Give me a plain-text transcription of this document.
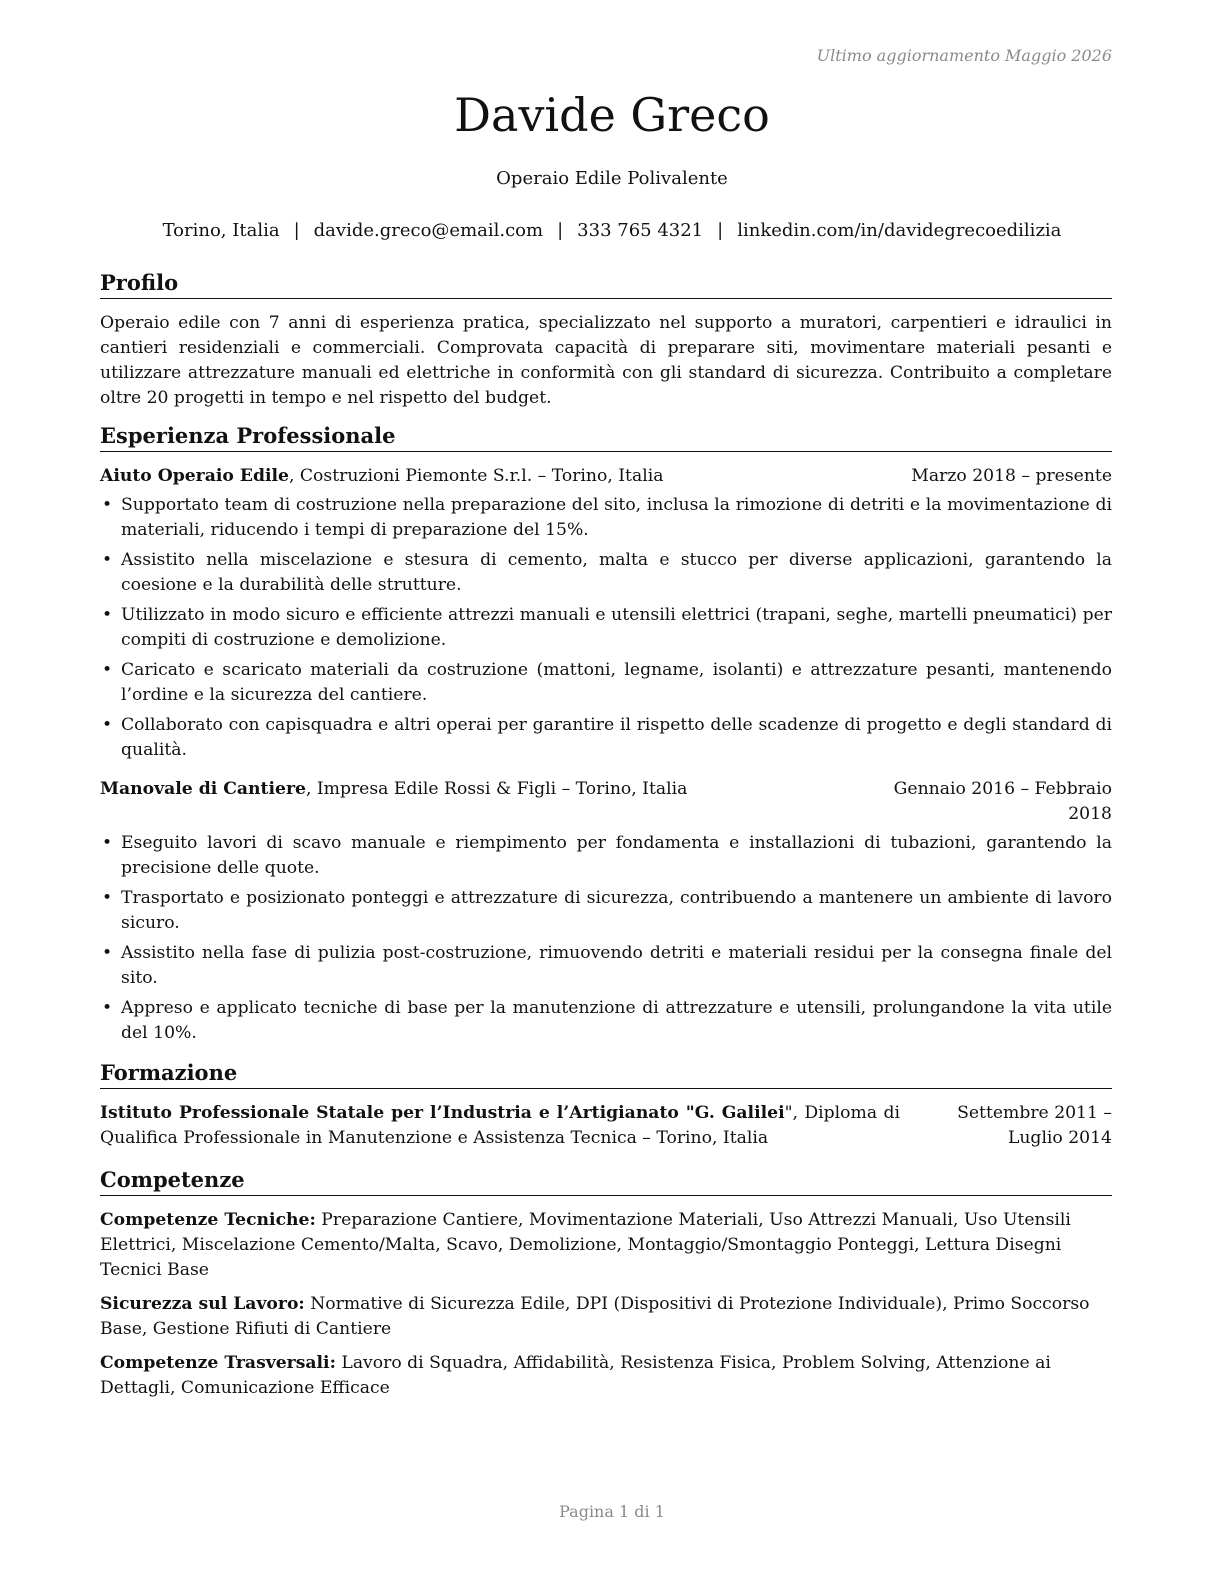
Ultimo aggiornamento Maggio 2026
Davide Greco
Operaio Edile Polivalente
Torino, Italia | davide.greco@email.com | 333 765 4321 | linkedin.com/in/davidegrecoedilizia
Profilo
Operaio edile con 7 anni di esperienza pratica, specializzato nel supporto a muratori, carpentieri e idraulici in cantieri residenziali e commerciali. Comprovata capacità di preparare siti, movimentare materiali pesanti e utilizzare attrezzature manuali ed elettriche in conformità con gli standard di sicurezza. Contribuito a completare oltre 20 progetti in tempo e nel rispetto del budget.
Esperienza Professionale
Aiuto Operaio Edile, Costruzioni Piemonte S.r.l. – Torino, Italia	Marzo 2018 – presente
• Supportato team di costruzione nella preparazione del sito, inclusa la rimozione di detriti e la movimentazione di materiali, riducendo i tempi di preparazione del 15%.
• Assistito nella miscelazione e stesura di cemento, malta e stucco per diverse applicazioni, garantendo la coesione e la durabilità delle strutture.
• Utilizzato in modo sicuro e efficiente attrezzi manuali e utensili elettrici (trapani, seghe, martelli pneumatici) per compiti di costruzione e demolizione.
• Caricato e scaricato materiali da costruzione (mattoni, legname, isolanti) e attrezzature pesanti, mantenendo l’ordine e la sicurezza del cantiere.
• Collaborato con capisquadra e altri operai per garantire il rispetto delle scadenze di progetto e degli standard di qualità.
Manovale di Cantiere, Impresa Edile Rossi & Figli – Torino, Italia	Gennaio 2016 – Febbraio 2018
• Eseguito lavori di scavo manuale e riempimento per fondamenta e installazioni di tubazioni, garantendo la precisione delle quote.
• Trasportato e posizionato ponteggi e attrezzature di sicurezza, contribuendo a mantenere un ambiente di lavoro sicuro.
• Assistito nella fase di pulizia post-costruzione, rimuovendo detriti e materiali residui per la consegna finale del sito.
• Appreso e applicato tecniche di base per la manutenzione di attrezzature e utensili, prolungandone la vita utile del 10%.
Formazione
Istituto Professionale Statale per l’Industria e l’Artigianato "G. Galilei", Diploma di Qualifica Professionale in Manutenzione e Assistenza Tecnica – Torino, Italia
Settembre 2011 – Luglio 2014
Competenze
Competenze Tecniche: Preparazione Cantiere, Movimentazione Materiali, Uso Attrezzi Manuali, Uso Utensili Elettrici, Miscelazione Cemento/Malta, Scavo, Demolizione, Montaggio/Smontaggio Ponteggi, Lettura Disegni Tecnici Base
Sicurezza sul Lavoro: Normative di Sicurezza Edile, DPI (Dispositivi di Protezione Individuale), Primo Soccorso Base, Gestione Rifiuti di Cantiere
Competenze Trasversali: Lavoro di Squadra, Affidabilità, Resistenza Fisica, Problem Solving, Attenzione ai Dettagli, Comunicazione Efficace
Pagina 1 di 1
